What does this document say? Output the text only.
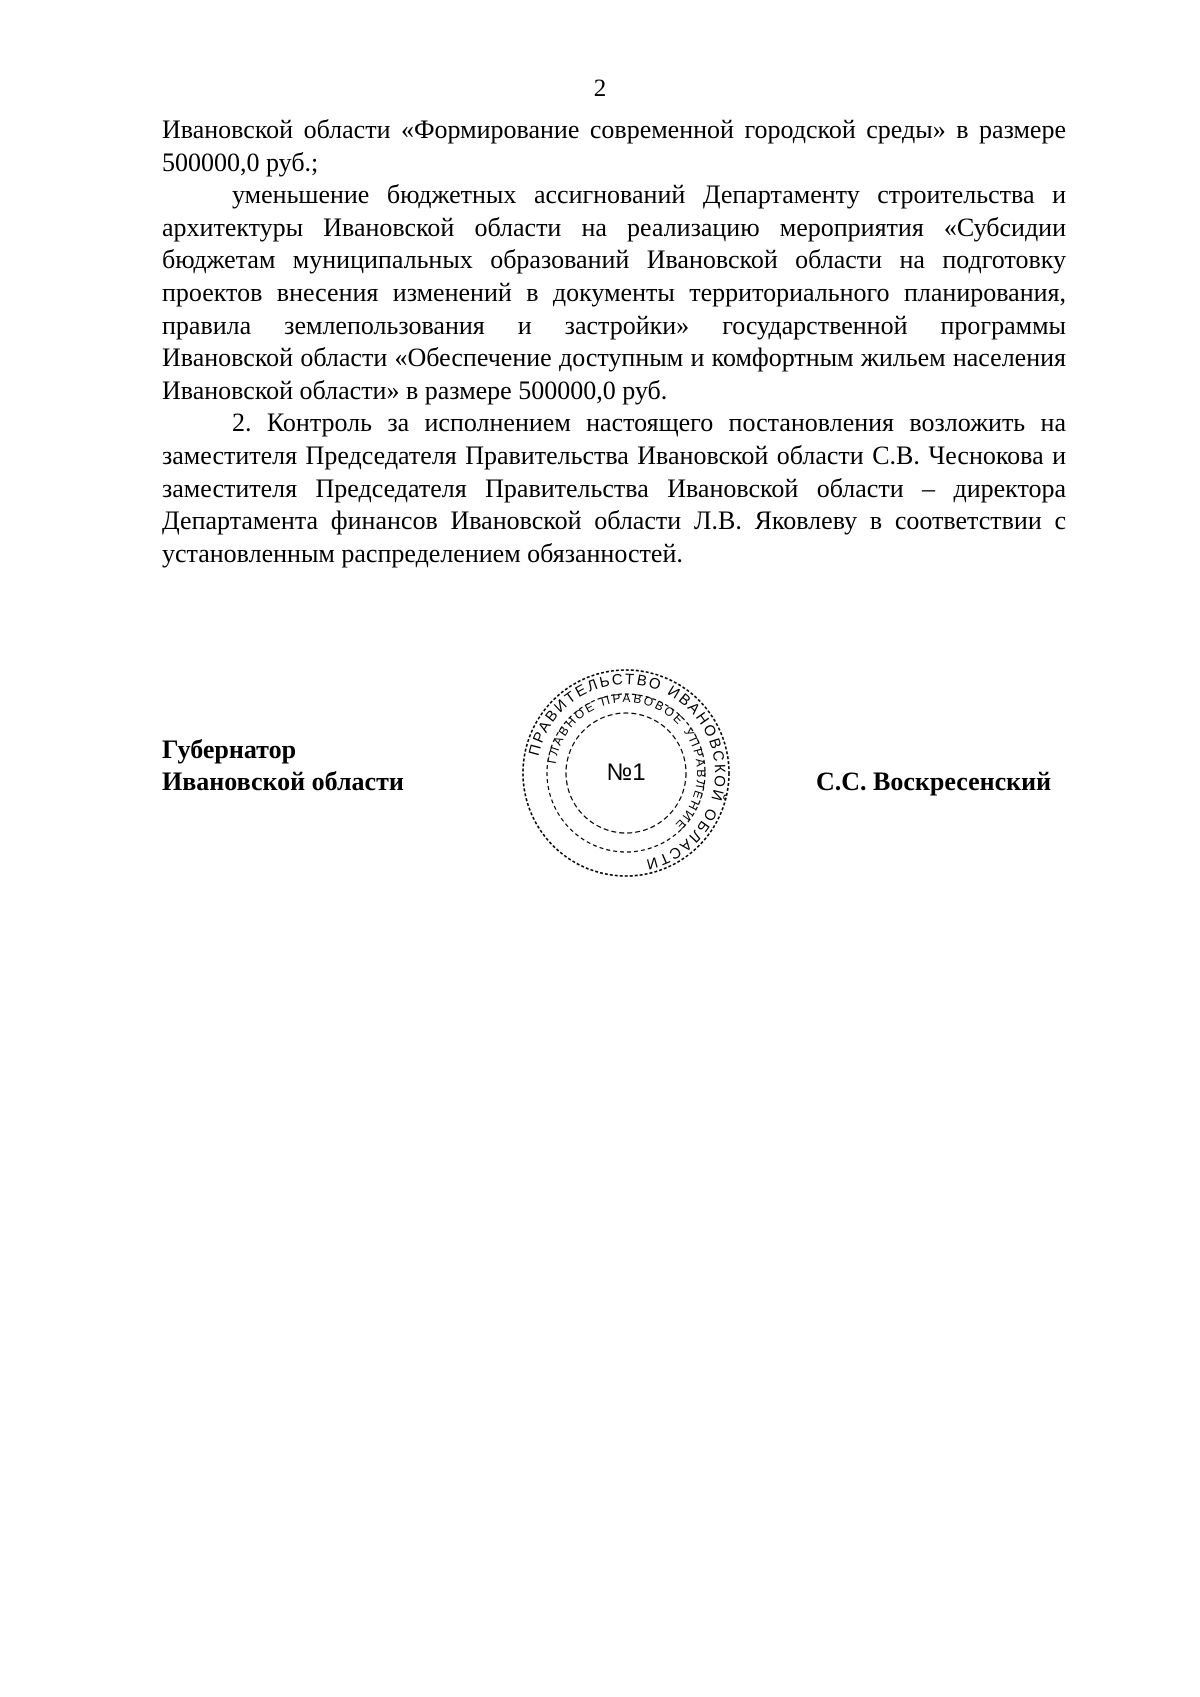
2

Ивановской области «Формирование современной городской среды» в размере 500000,0 руб.;

уменьшение бюджетных ассигнований Департаменту строительства и архитектуры Ивановской области на реализацию мероприятия «Субсидии бюджетам муниципальных образований Ивановской области на подготовку проектов внесения изменений в документы территориального планирования, правила землепользования и застройки» государственной программы Ивановской области «Обеспечение доступным и комфортным жильем населения Ивановской области» в размере 500000,0 руб.

2. Контроль за исполнением настоящего постановления возложить на заместителя Председателя Правительства Ивановской области С.В. Чеснокова и заместителя Председателя Правительства Ивановской области – директора Департамента финансов Ивановской области Л.В. Яковлеву в соответствии с установленным распределением обязанностей.

Губернатор
Ивановской области
ПРАВИТЕЛЬСТВО ИВАНОВСКОЙ ОБЛАСТИ
ГЛАВНОЕ ПРАВОВОЕ УПРАВЛЕНИЕ
№1	С.С. Воскресенский
